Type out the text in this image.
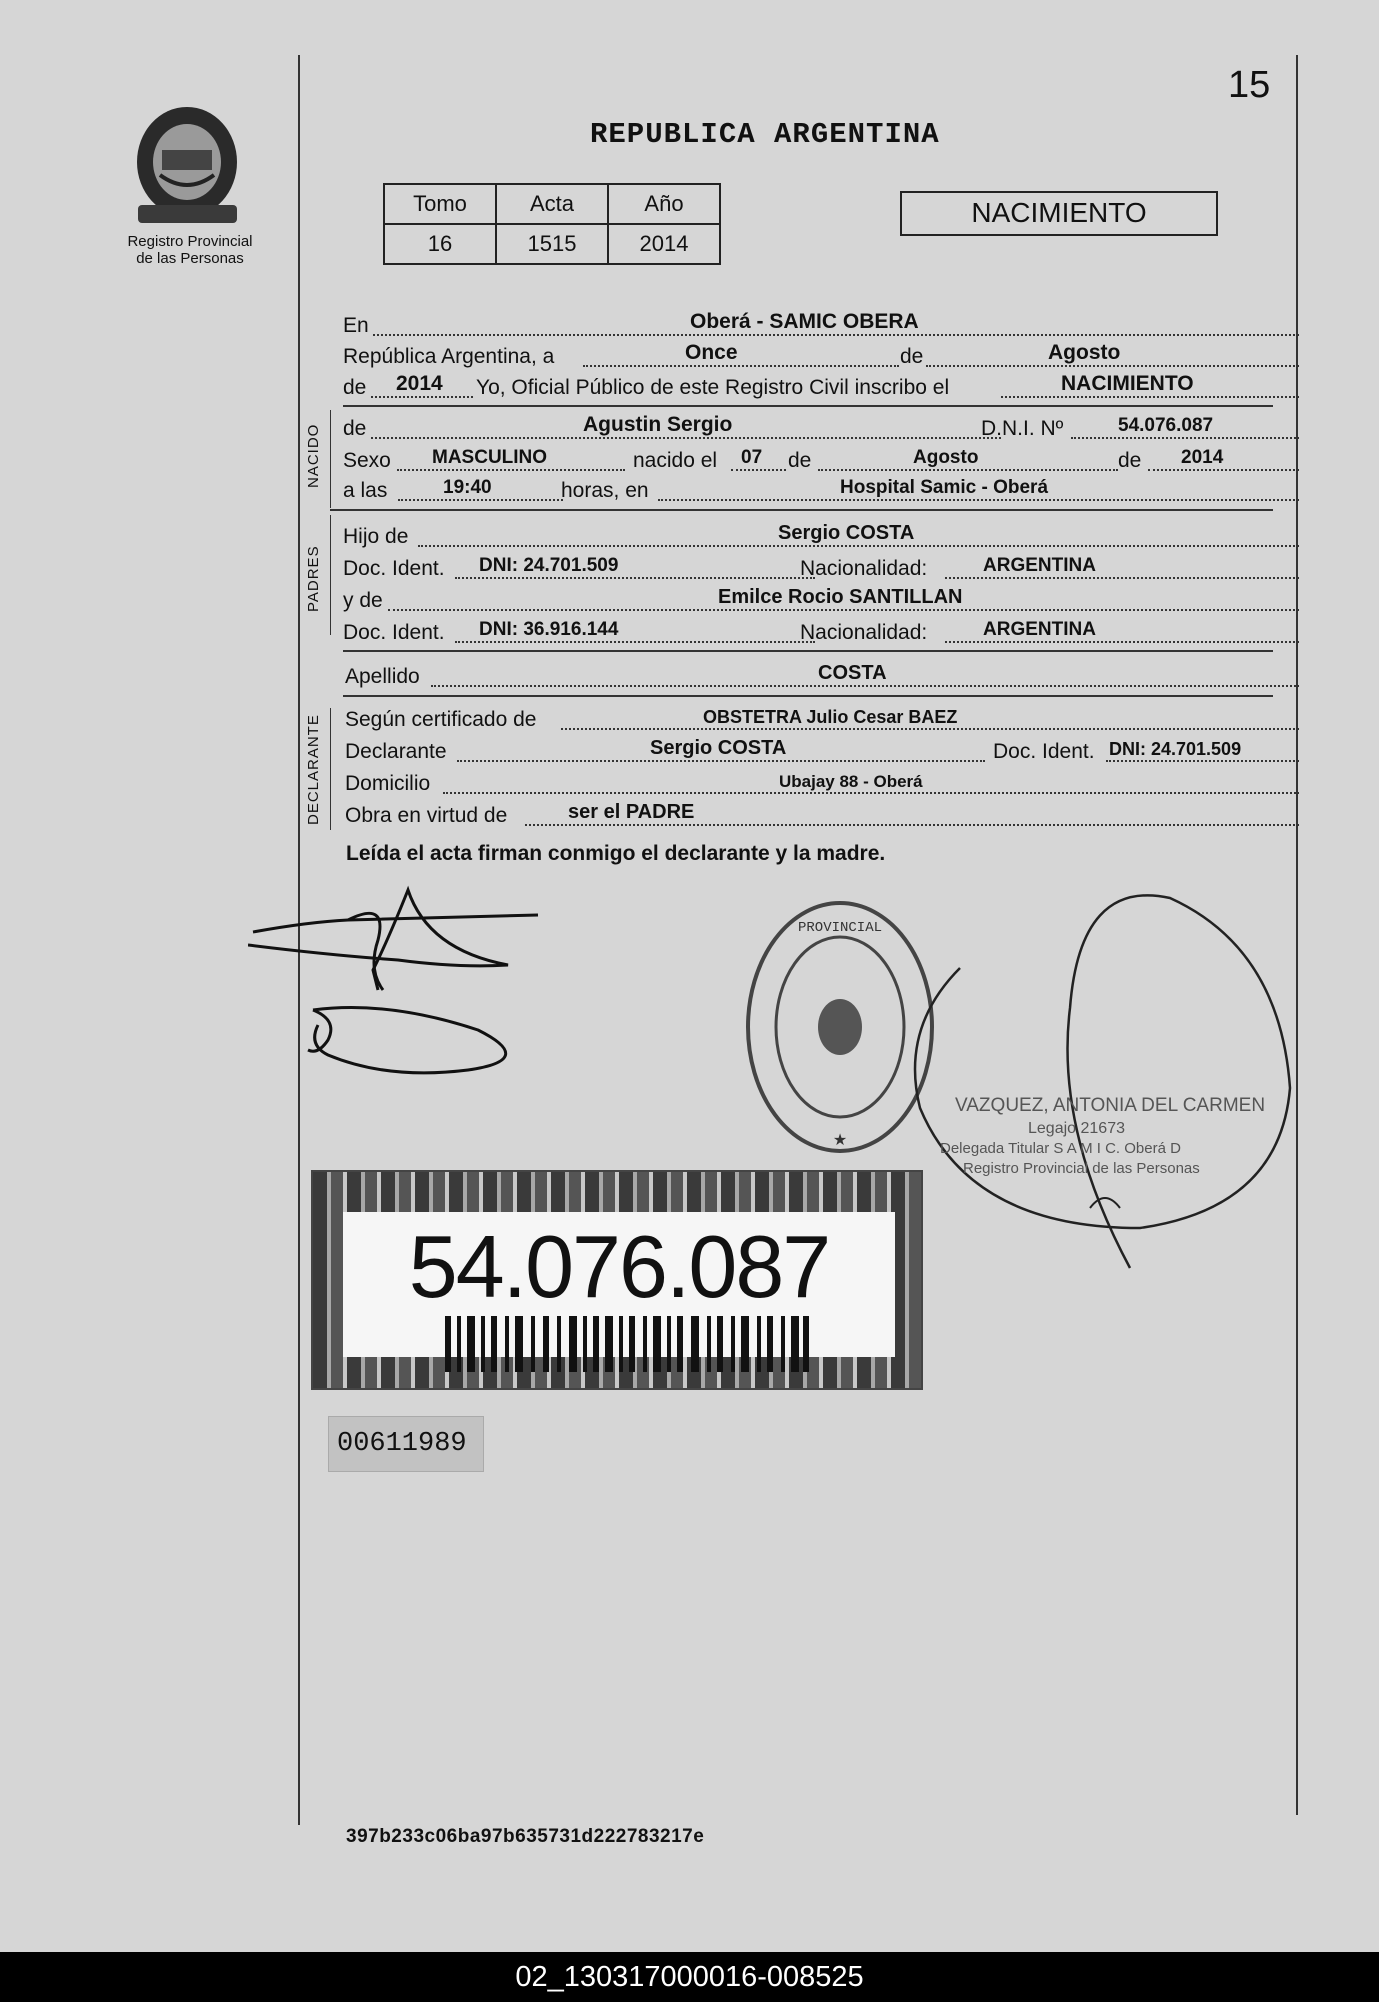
15
REPUBLICA ARGENTINA
Registro Provincial
de las Personas
Tomo	Acta	Año
16	1515	2014
NACIMIENTO
En	Oberá - SAMIC OBERA
República Argentina, a	Once	de	Agosto
de 2014 Yo, Oficial Público de este Registro Civil inscribo el	NACIMIENTO
NACIDO de	Agustin Sergio	D.N.I. Nº	54.076.087
Sexo MASCULINO	nacido el 07 de	Agosto	de 2014
a las	19:40	horas, en	Hospital Samic - Oberá
PADRES
Hijo de	Sergio COSTA
Doc. Ident. DNI: 24.701.509	Nacionalidad:	ARGENTINA
y de	Emilce Rocio SANTILLAN
Doc. Ident. DNI: 36.916.144	Nacionalidad:	ARGENTINA
Apellido	COSTA
DECLARANTE Según certificado de	OBSTETRA Julio Cesar BAEZ
Declarante	Sergio COSTA	Doc. Ident. DNI: 24.701.509
Domicilio	Ubajay 88 - Oberá
Obra en virtud de	ser el PADRE
Leída el acta firman conmigo el declarante y la madre.
PROVINCIAL
★
VAZQUEZ, ANTONIA DEL CARMEN
Legajo 21673
Delegada Titular S A M I C. Oberá D
Registro Provincial de las Personas
54.076.087
00611989
397b233c06ba97b635731d222783217e
02_130317000016-008525
